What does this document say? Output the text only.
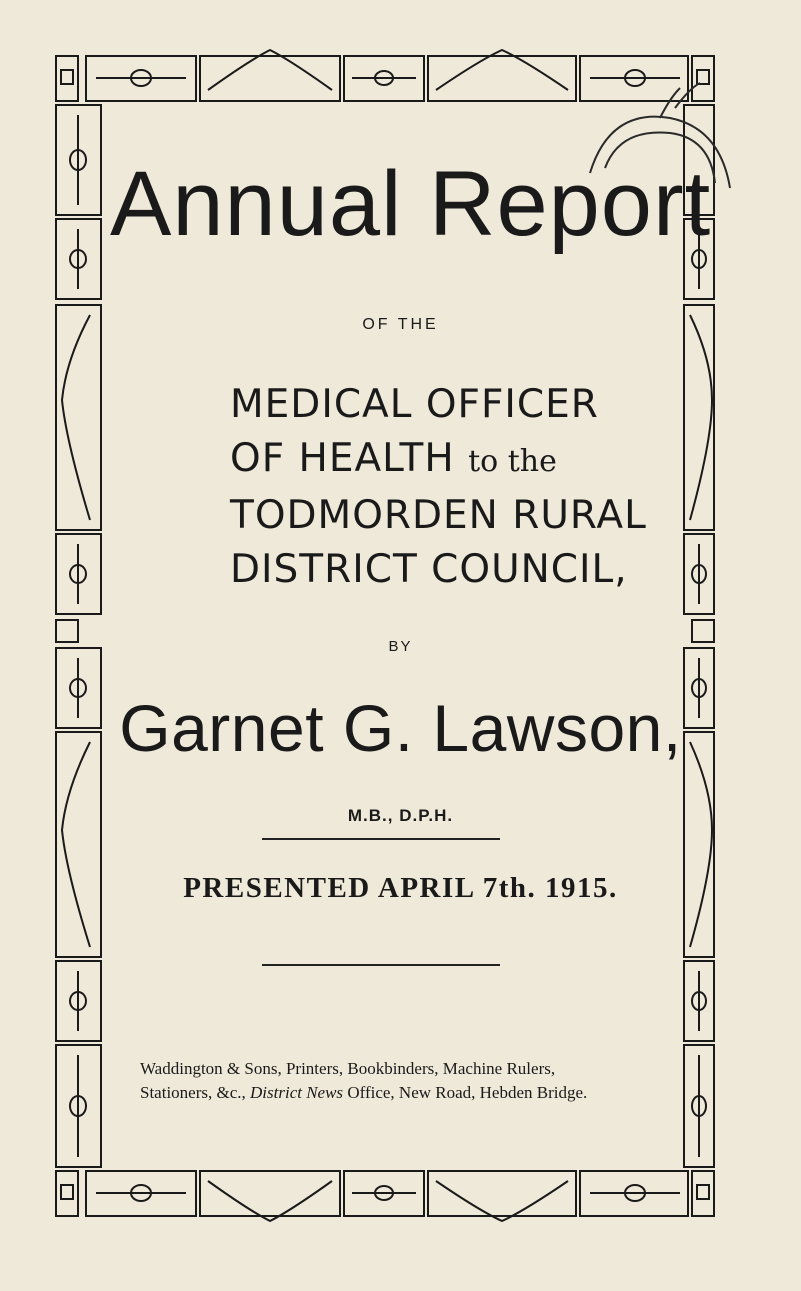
Annual Report
OF THE
MEDICAL OFFICER
OF HEALTH to the
TODMORDEN RURAL
DISTRICT COUNCIL,
BY
Garnet G. Lawson,
M.B., D.P.H.
PRESENTED APRIL 7th. 1915.
Waddington & Sons, Printers, Bookbinders, Machine Rulers,
Stationers, &c., District News Office, New Road, Hebden Bridge.
